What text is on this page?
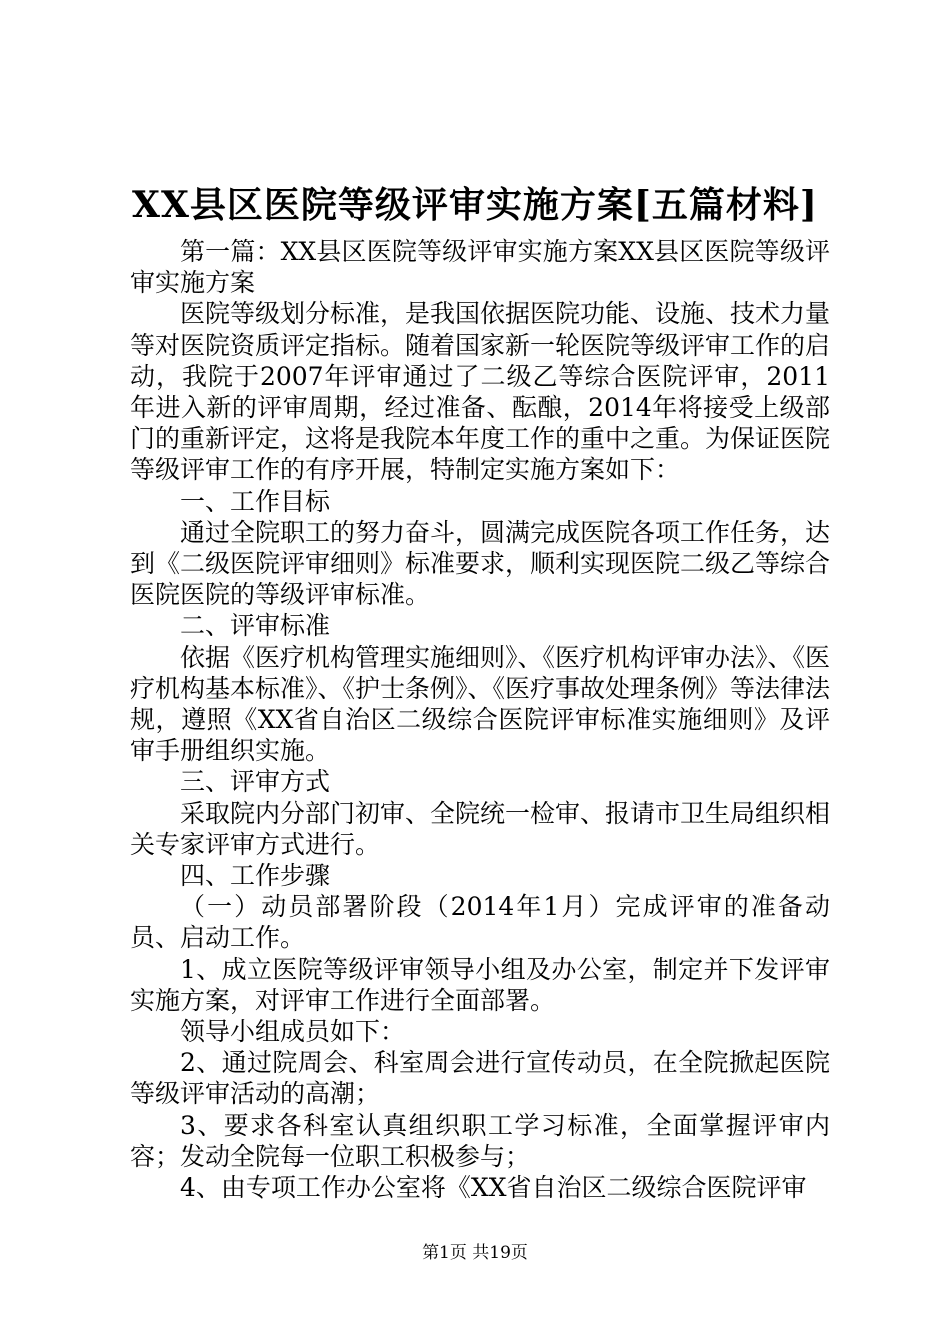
XX县区医院等级评审实施方案[五篇材料]

第一篇：XX县区医院等级评审实施方案XX县区医院等级评审实施方案

医院等级划分标准，是我国依据医院功能、设施、技术力量等对医院资质评定指标。随着国家新一轮医院等级评审工作的启动，我院于2007年评审通过了二级乙等综合医院评审，2011年进入新的评审周期，经过准备、酝酿，2014年将接受上级部门的重新评定，这将是我院本年度工作的重中之重。为保证医院等级评审工作的有序开展，特制定实施方案如下：

一、工作目标

通过全院职工的努力奋斗，圆满完成医院各项工作任务，达到《二级医院评审细则》标准要求，顺利实现医院二级乙等综合医院医院的等级评审标准。

二、评审标准

依据《医疗机构管理实施细则》、《医疗机构评审办法》、《医疗机构基本标准》、《护士条例》、《医疗事故处理条例》等法律法规，遵照《XX省自治区二级综合医院评审标准实施细则》及评审手册组织实施。

三、评审方式

采取院内分部门初审、全院统一检审、报请市卫生局组织相关专家评审方式进行。

四、工作步骤

（一）动员部署阶段（2014年1月）完成评审的准备动员、启动工作。

1、成立医院等级评审领导小组及办公室，制定并下发评审实施方案，对评审工作进行全面部署。

领导小组成员如下：

2、通过院周会、科室周会进行宣传动员，在全院掀起医院等级评审活动的高潮；

3、要求各科室认真组织职工学习标准，全面掌握评审内容；发动全院每一位职工积极参与；

4、由专项工作办公室将《XX省自治区二级综合医院评审

第1页 共19页
